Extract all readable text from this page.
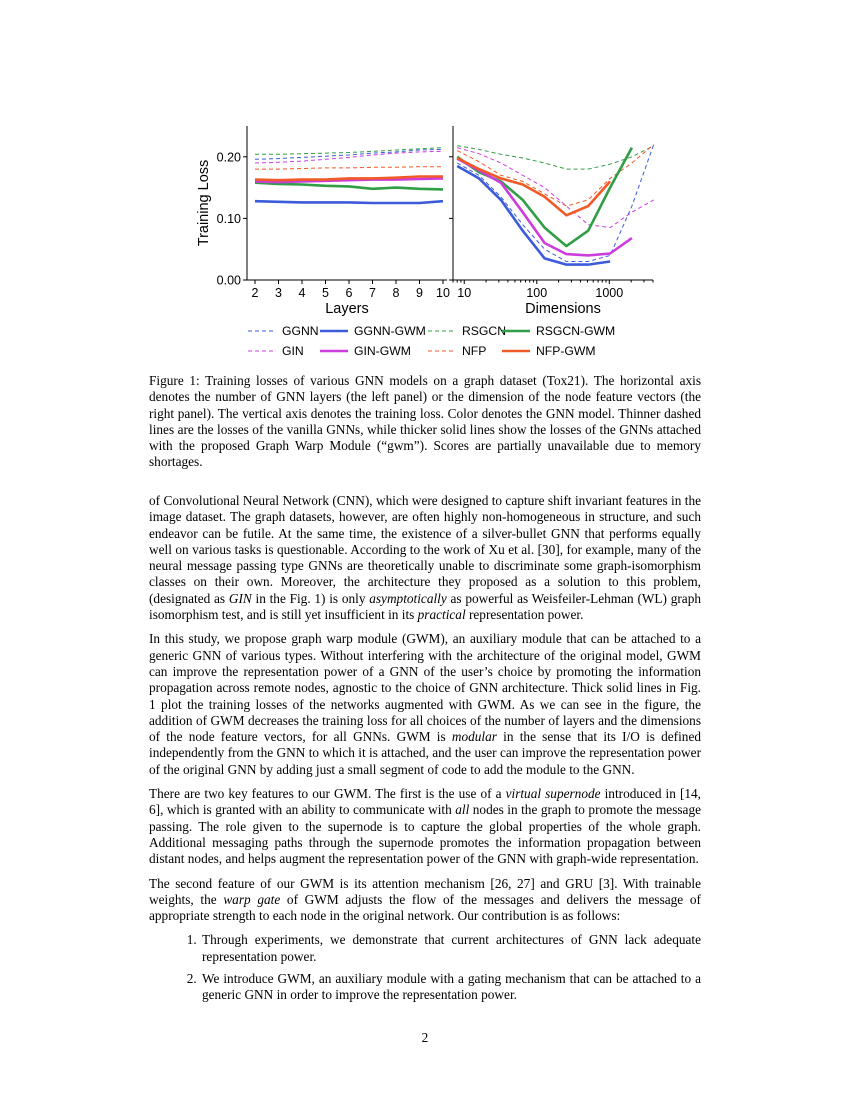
0.00
0.10
0.20
Training Loss
2 3 4 5 6 7 8 9 10
Layers
10	100	1000
Dimensions
GGNN	GGNN-GWM	RSGCN RSGCN-GWM
GIN	GIN-GWM	NFP	NFP-GWM
Figure 1: Training losses of various GNN models on a graph dataset (Tox21). The horizontal axis denotes the number of GNN layers (the left panel) or the dimension of the node feature vectors (the right panel). The vertical axis denotes the training loss. Color denotes the GNN model. Thinner dashed lines are the losses of the vanilla GNNs, while thicker solid lines show the losses of the GNNs attached with the proposed Graph Warp Module (“gwm”). Scores are partially unavailable due to memory shortages.

of Convolutional Neural Network (CNN), which were designed to capture shift invariant features in the image dataset. The graph datasets, however, are often highly non-homogeneous in structure, and such endeavor can be futile. At the same time, the existence of a silver-bullet GNN that performs equally well on various tasks is questionable. According to the work of Xu et al. [30], for example, many of the neural message passing type GNNs are theoretically unable to discriminate some graph-isomorphism classes on their own. Moreover, the architecture they proposed as a solution to this problem, (designated as GIN in the Fig. 1) is only asymptotically as powerful as Weisfeiler-Lehman (WL) graph isomorphism test, and is still yet insufficient in its practical representation power.

In this study, we propose graph warp module (GWM), an auxiliary module that can be attached to a generic GNN of various types. Without interfering with the architecture of the original model, GWM can improve the representation power of a GNN of the user’s choice by promoting the information propagation across remote nodes, agnostic to the choice of GNN architecture. Thick solid lines in Fig. 1 plot the training losses of the networks augmented with GWM. As we can see in the figure, the addition of GWM decreases the training loss for all choices of the number of layers and the dimensions of the node feature vectors, for all GNNs. GWM is modular in the sense that its I/O is defined independently from the GNN to which it is attached, and the user can improve the representation power of the original GNN by adding just a small segment of code to add the module to the GNN.

There are two key features to our GWM. The first is the use of a virtual supernode introduced in [14, 6], which is granted with an ability to communicate with all nodes in the graph to promote the message passing. The role given to the supernode is to capture the global properties of the whole graph. Additional messaging paths through the supernode promotes the information propagation between distant nodes, and helps augment the representation power of the GNN with graph-wide representation.

The second feature of our GWM is its attention mechanism [26, 27] and GRU [3]. With trainable weights, the warp gate of GWM adjusts the flow of the messages and delivers the message of appropriate strength to each node in the original network. Our contribution is as follows:

1. Through experiments, we demonstrate that current architectures of GNN lack adequate representation power.
2. We introduce GWM, an auxiliary module with a gating mechanism that can be attached to a generic GNN in order to improve the representation power.
2
